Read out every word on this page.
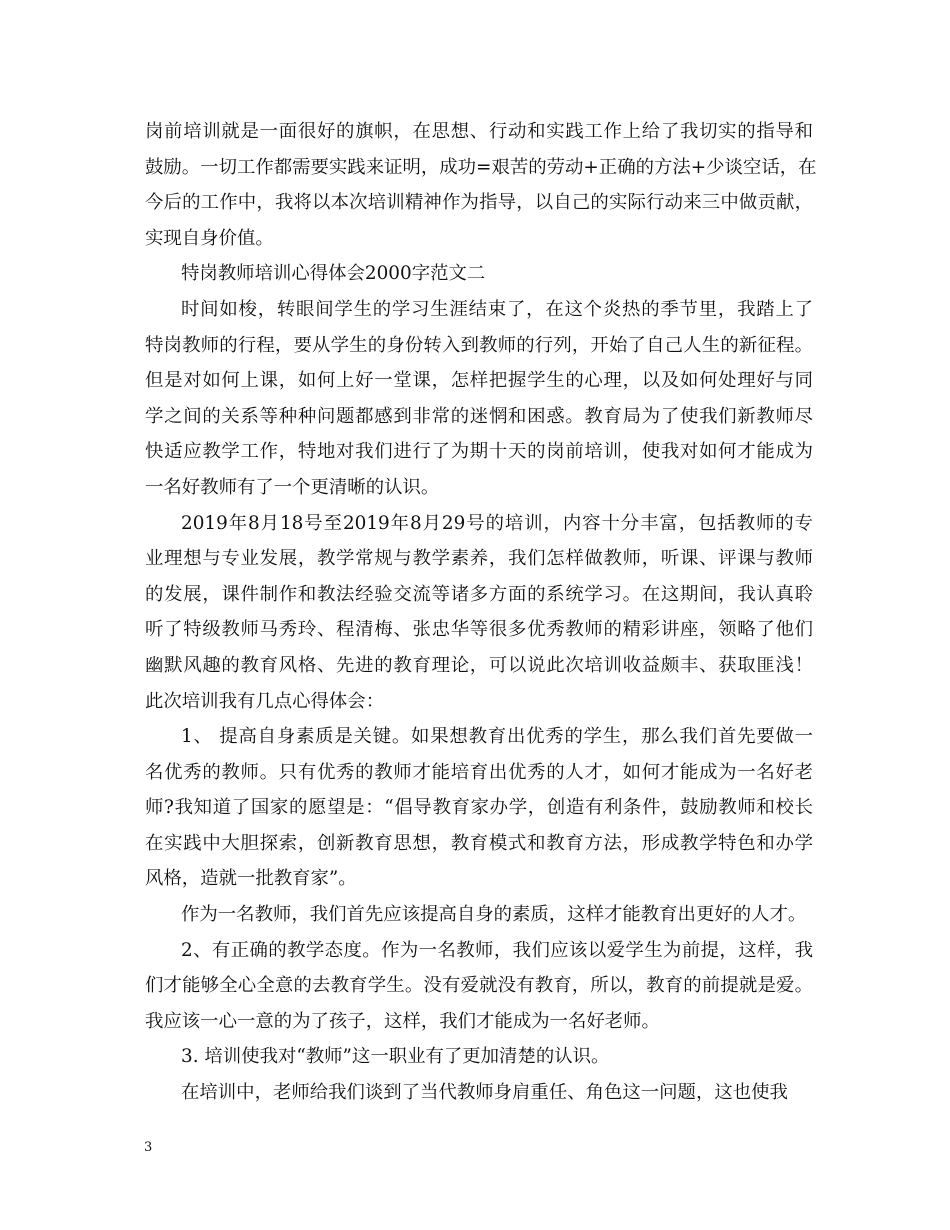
岗前培训就是一面很好的旗帜，在思想、行动和实践工作上给了我切实的指导和
鼓励。一切工作都需要实践来证明，成功=艰苦的劳动+正确的方法+少谈空话，在
今后的工作中，我将以本次培训精神作为指导，以自己的实际行动来三中做贡献，
实现自身价值。
特岗教师培训心得体会2000字范文二
时间如梭，转眼间学生的学习生涯结束了，在这个炎热的季节里，我踏上了
特岗教师的行程，要从学生的身份转入到教师的行列，开始了自己人生的新征程。
但是对如何上课，如何上好一堂课，怎样把握学生的心理，以及如何处理好与同
学之间的关系等种种问题都感到非常的迷惘和困惑。教育局为了使我们新教师尽
快适应教学工作，特地对我们进行了为期十天的岗前培训，使我对如何才能成为
一名好教师有了一个更清晰的认识。
2019年8月18号至2019年8月29号的培训，内容十分丰富，包括教师的专
业理想与专业发展，教学常规与教学素养，我们怎样做教师，听课、评课与教师
的发展，课件制作和教法经验交流等诸多方面的系统学习。在这期间，我认真聆
听了特级教师马秀玲、程清梅、张忠华等很多优秀教师的精彩讲座，领略了他们
幽默风趣的教育风格、先进的教育理论，可以说此次培训收益颇丰、获取匪浅！
此次培训我有几点心得体会：
1、 提高自身素质是关键。如果想教育出优秀的学生，那么我们首先要做一
名优秀的教师。只有优秀的教师才能培育出优秀的人才，如何才能成为一名好老
师?我知道了国家的愿望是：“倡导教育家办学，创造有利条件，鼓励教师和校长
在实践中大胆探索，创新教育思想，教育模式和教育方法，形成教学特色和办学
风格，造就一批教育家”。
作为一名教师，我们首先应该提高自身的素质，这样才能教育出更好的人才。
2、有正确的教学态度。作为一名教师，我们应该以爱学生为前提，这样，我
们才能够全心全意的去教育学生。没有爱就没有教育，所以，教育的前提就是爱。
我应该一心一意的为了孩子，这样，我们才能成为一名好老师。
3. 培训使我对“教师”这一职业有了更加清楚的认识。
在培训中，老师给我们谈到了当代教师身肩重任、角色这一问题，这也使我
3
